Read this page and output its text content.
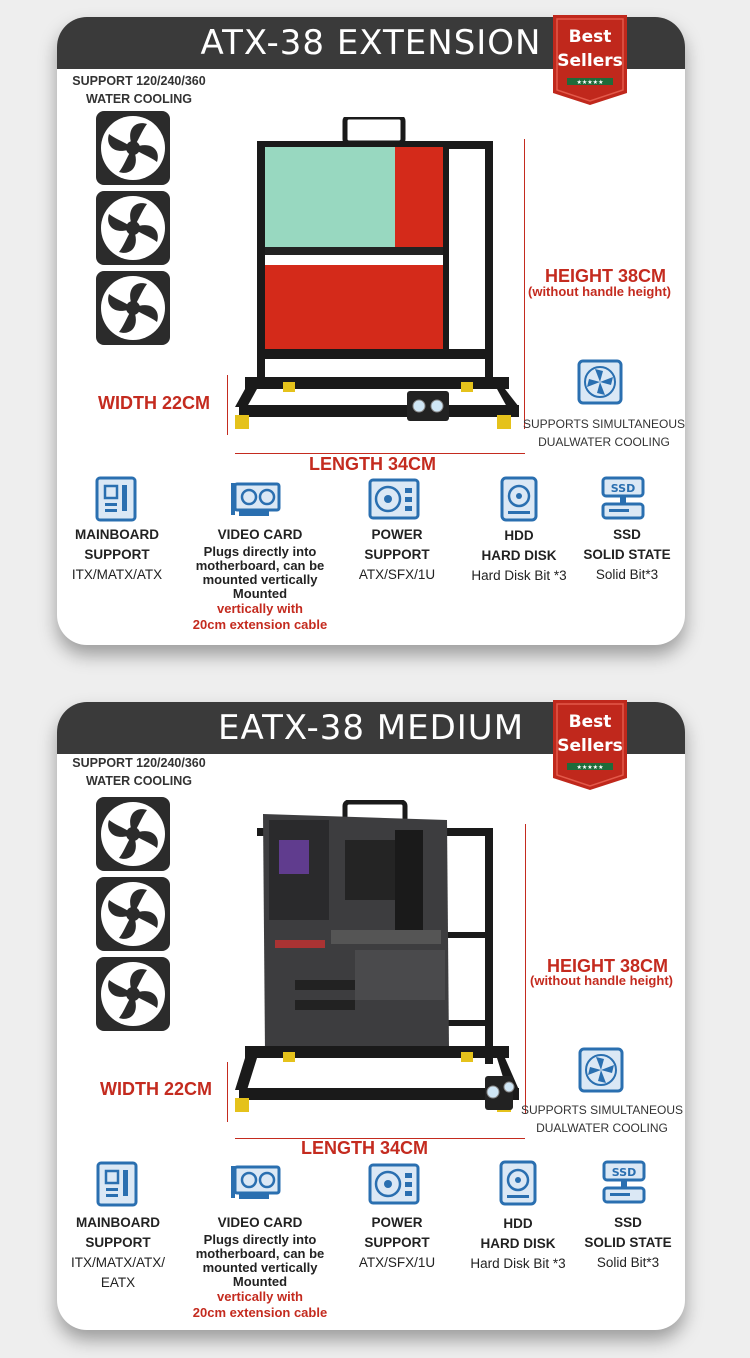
ATX-38 EXTENSION
★★★★★
Best
Sellers
SUPPORT 120/240/360
WATER COOLING
HEIGHT 38CM
(without handle height)
WIDTH 22CM
LENGTH 34CM
SUPPORTS SIMULTANEOUS
DUALWATER COOLING
SSD
MAINBOARD
SUPPORT
ITX/MATX/ATX
VIDEO CARD
Plugs directly into
motherboard, can be
mounted vertically
Mounted
vertically with
20cm extension cable
POWER
SUPPORT
ATX/SFX/1U
HDD
HARD DISK
Hard Disk Bit *3
SSD
SOLID STATE
Solid Bit*3
EATX-38 MEDIUM
★★★★★
Best
Sellers
SUPPORT 120/240/360
WATER COOLING
HEIGHT 38CM
(without handle height)
WIDTH 22CM
LENGTH 34CM
SUPPORTS SIMULTANEOUS
DUALWATER COOLING
SSD
MAINBOARD
SUPPORT
ITX/MATX/ATX/
EATX
VIDEO CARD
Plugs directly into
motherboard, can be
mounted vertically
Mounted
vertically with
20cm extension cable
POWER
SUPPORT
ATX/SFX/1U
HDD
HARD DISK
Hard Disk Bit *3
SSD
SOLID STATE
Solid Bit*3
